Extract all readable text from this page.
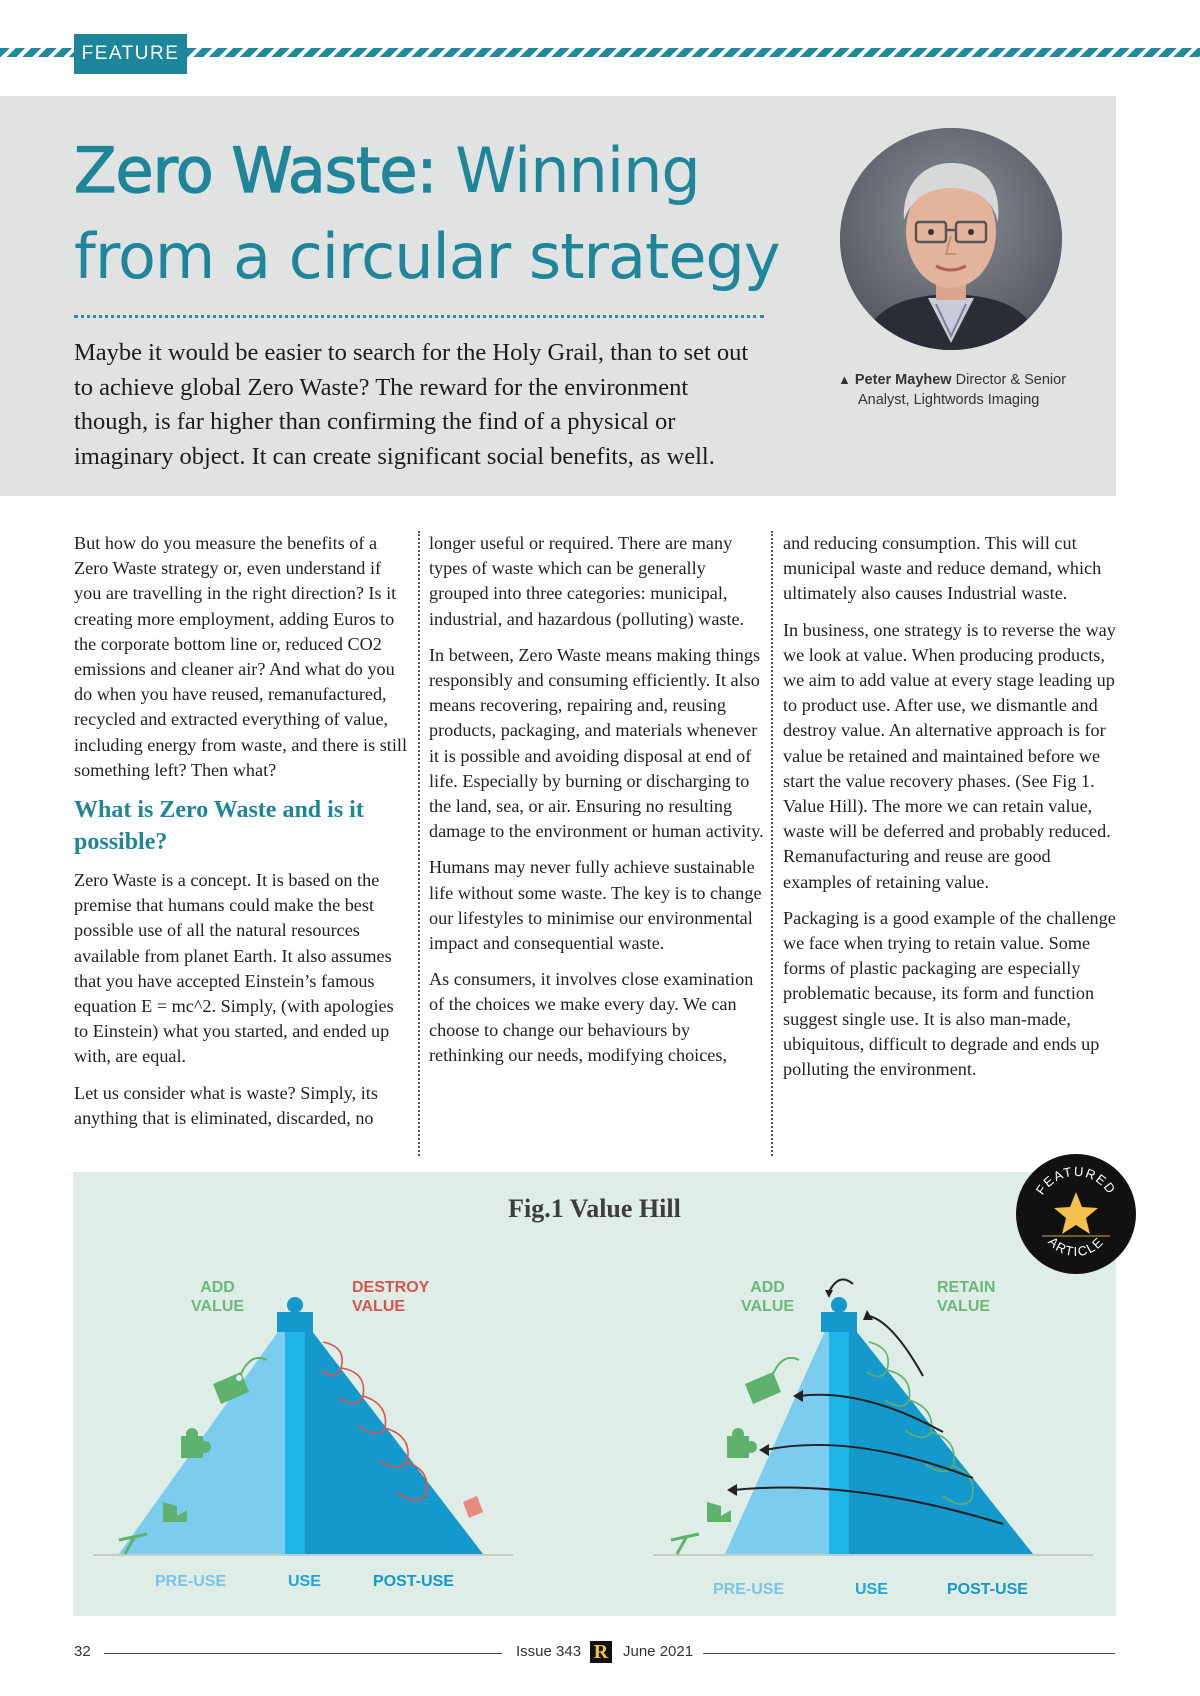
FEATURE
Zero Waste: Winning
from a circular strategy

Maybe it would be easier to search for the Holy Grail, than to set out to achieve global Zero Waste? The reward for the environment though, is far higher than confirming the find of a physical or imaginary object. It can create significant social benefits, as well.

▲ Peter Mayhew Director & Senior
Analyst, Lightwords Imaging

But how do you measure the benefits of a Zero Waste strategy or, even understand if you are travelling in the right direction? Is it creating more employment, adding Euros to the corporate bottom line or, reduced CO2 emissions and cleaner air? And what do you do when you have reused, remanufactured, recycled and extracted everything of value, including energy from waste, and there is still something left? Then what?

What is Zero Waste and is it possible?

Zero Waste is a concept. It is based on the premise that humans could make the best possible use of all the natural resources available from planet Earth. It also assumes that you have accepted Einstein’s famous equation E = mc^2. Simply, (with apologies to Einstein) what you started, and ended up with, are equal.

Let us consider what is waste? Simply, its anything that is eliminated, discarded, no

longer useful or required. There are many types of waste which can be generally grouped into three categories: municipal, industrial, and hazardous (polluting) waste.

In between, Zero Waste means making things responsibly and consuming efficiently. It also means recovering, repairing and, reusing products, packaging, and materials whenever it is possible and avoiding disposal at end of life. Especially by burning or discharging to the land, sea, or air. Ensuring no resulting damage to the environment or human activity.

Humans may never fully achieve sustainable life without some waste. The key is to change our lifestyles to minimise our environmental impact and consequential waste.

As consumers, it involves close examination of the choices we make every day. We can choose to change our behaviours by rethinking our needs, modifying choices,

and reducing consumption. This will cut municipal waste and reduce demand, which ultimately also causes Industrial waste.

In business, one strategy is to reverse the way we look at value. When producing products, we aim to add value at every stage leading up to product use. After use, we dismantle and destroy value. An alternative approach is for value be retained and maintained before we start the value recovery phases. (See Fig 1. Value Hill). The more we can retain value, waste will be deferred and probably reduced. Remanufacturing and reuse are good examples of retaining value.

Packaging is a good example of the challenge we face when trying to retain value. Some forms of plastic packaging are especially problematic because, its form and function suggest single use. It is also man-made, ubiquitous, difficult to degrade and ends up polluting the environment.

Fig.1 Value Hill
ADD
VALUE
DESTROY
VALUE
PRE-USE	USE	POST-USE
ADD
VALUE
RETAIN
VALUE
PRE-USE	USE	POST-USE
FEATURED
ARTICLE
32	Issue 343 R June 2021
